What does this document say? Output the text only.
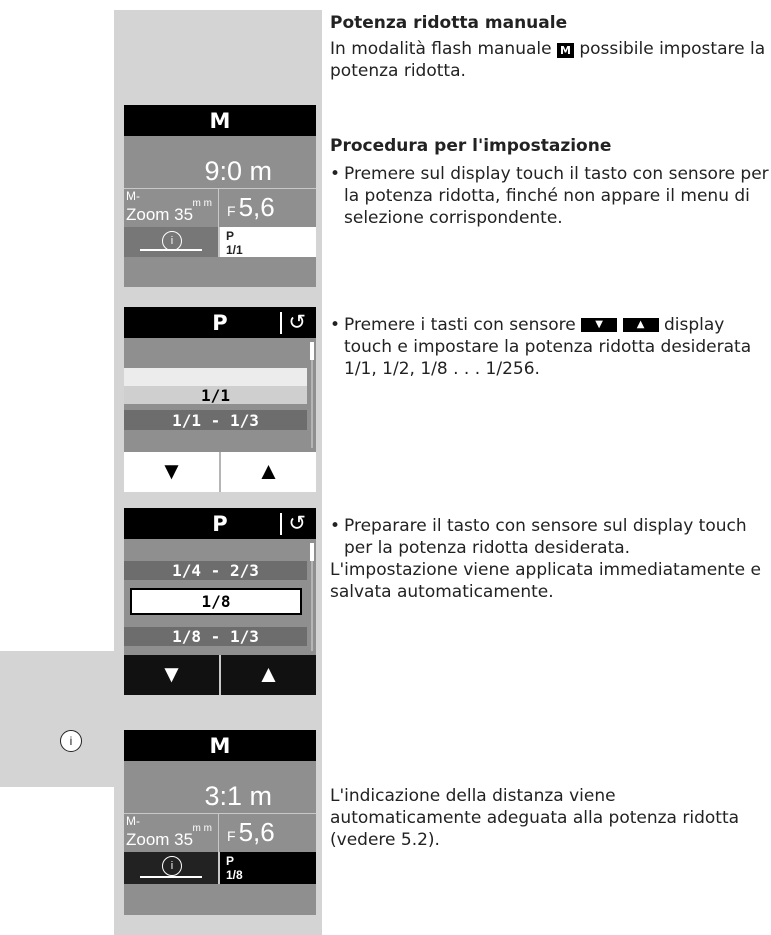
i
M
9:0 m
M-
Zoom 35
m m	F 5,6
i	P
1/1
P	↺
1/1
1/1 - 1/3
▼	▲
P	↺
1/4 - 2/3
1/8
1/8 - 1/3
▼	▲
M
3:1 m
M-
Zoom 35
m m	F 5,6
i	P
1/8
Potenza ridotta manuale
In modalità flash manuale M possibile impostare la potenza ridotta.
Procedura per l'impostazione
• Premere sul display touch il tasto con sensore per la potenza ridotta, finché non appare il menu di selezione corrispondente.
• Premere i tasti con sensore ▼	▲ display touch e impostare la potenza ridotta desiderata 1/1, 1/2, 1/8 . . . 1/256.
• Preparare il tasto con sensore sul display touch per la potenza ridotta desiderata.
L'impostazione viene applicata immediatamente e salvata automaticamente.
L'indicazione della distanza viene automaticamente adeguata alla potenza ridotta (vedere 5.2).
